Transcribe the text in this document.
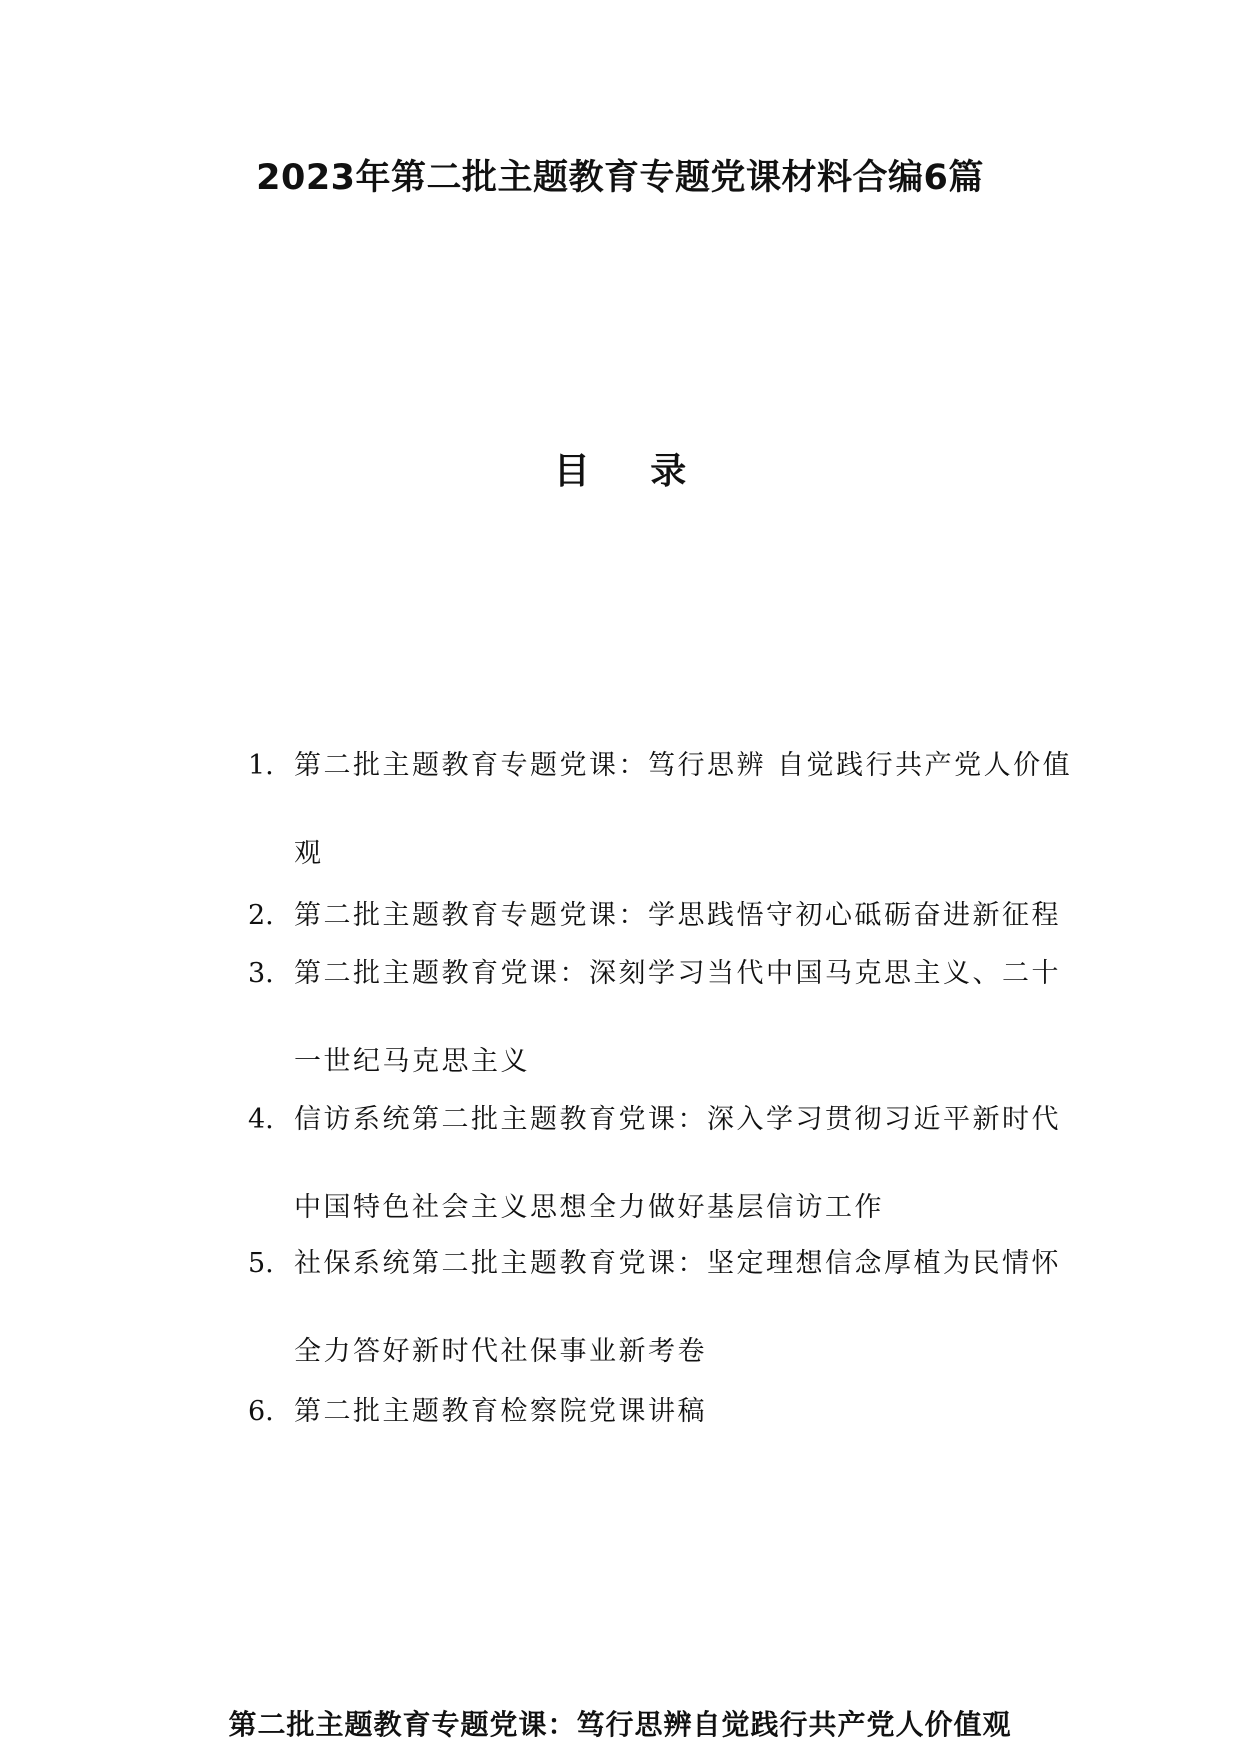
2023年第二批主题教育专题党课材料合编6篇
目 录
1. 第二批主题教育专题党课：笃行思辨 自觉践行共产党人价值
观
2. 第二批主题教育专题党课：学思践悟守初心砥砺奋进新征程
3. 第二批主题教育党课：深刻学习当代中国马克思主义、二十
一世纪马克思主义
4. 信访系统第二批主题教育党课：深入学习贯彻习近平新时代
中国特色社会主义思想全力做好基层信访工作
5. 社保系统第二批主题教育党课：坚定理想信念厚植为民情怀
全力答好新时代社保事业新考卷
6. 第二批主题教育检察院党课讲稿
第二批主题教育专题党课：笃行思辨自觉践行共产党人价值观
